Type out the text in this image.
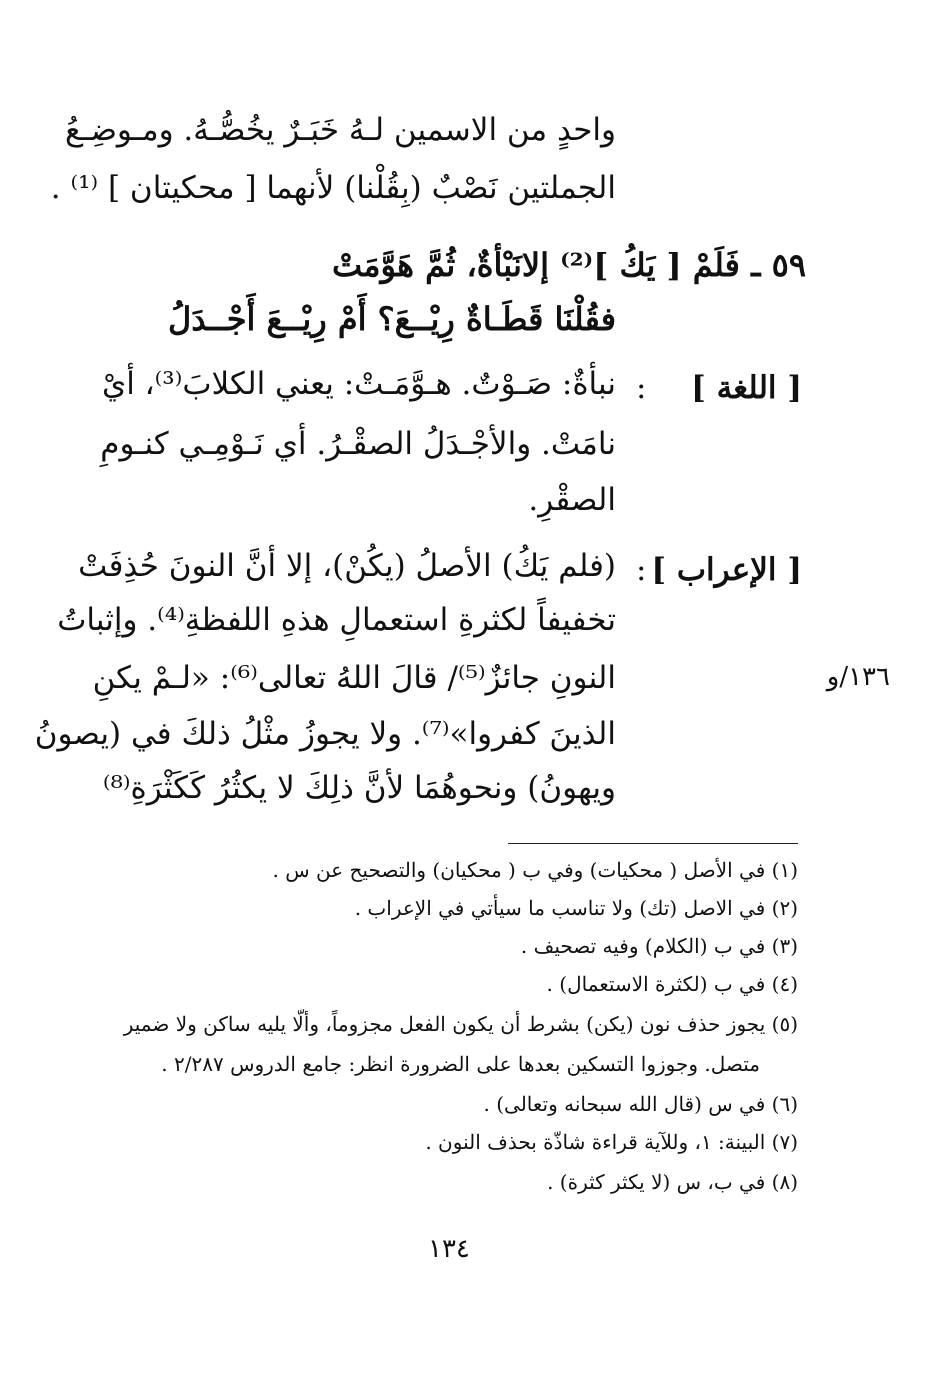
واحدٍ من الاسمين لـهُ خَبَـرٌ يخُصُّـهُ. ومـوضِـعُ
الجملتين نَصْبٌ (بِقُلْنا) لأنهما [ محكيتان ] ⁽¹⁾ .
٥٩ ـ فَلَمْ [ يَكُ ]⁽²⁾ إلانَبْأةٌ، ثُمَّ هَوَّمَتْ
فقُلْنَا قَطَـاةٌ رِيْــعَ؟ أَمْ رِيْــعَ أَجْــدَلُ
[ اللغة ]
:
نبأةٌ: صَـوْتٌ. هـوَّمَـتْ: يعني الكلابَ⁽³⁾، أيْ
نامَتْ. والأجْـدَلُ الصقْـرُ. أي نَـوْمِـي كنـومِ
الصقْرِ.
[ الإعراب ]
:
(فلم يَكُ) الأصلُ (يكُنْ)، إلا أنَّ النونَ حُذِفَتْ
تخفيفاً لكثرةِ استعمالِ هذهِ اللفظةِ⁽⁴⁾. وإثباتُ
النونِ جائزٌ⁽⁵⁾/ قالَ اللهُ تعالى⁽⁶⁾: «لـمْ يكنِ
الذينَ كفروا»⁽⁷⁾. ولا يجوزُ مثْلُ ذلكَ في (يصونُ
ويهونُ) ونحوهُمَا لأنَّ ذلِكَ لا يكثُرُ كَكَثْرَةِ⁽⁸⁾
١٣٦/و
(١) في الأصل ( محكيات) وفي ب ( محكيان) والتصحيح عن س .
(٢) في الاصل (تك) ولا تناسب ما سيأتي في الإعراب .
(٣) في ب (الكلام) وفيه تصحيف .
(٤) في ب (لكثرة الاستعمال) .
(٥) يجوز حذف نون (يكن) بشرط أن يكون الفعل مجزوماً، وألّا يليه ساكن ولا ضمير
متصل. وجوزوا التسكين بعدها على الضرورة انظر: جامع الدروس ٢/٢٨٧ .
(٦) في س (قال الله سبحانه وتعالى) .
(٧) البينة: ١، وللآية قراءة شاذّة بحذف النون .
(٨) في ب، س (لا يكثر كثرة) .
١٣٤
